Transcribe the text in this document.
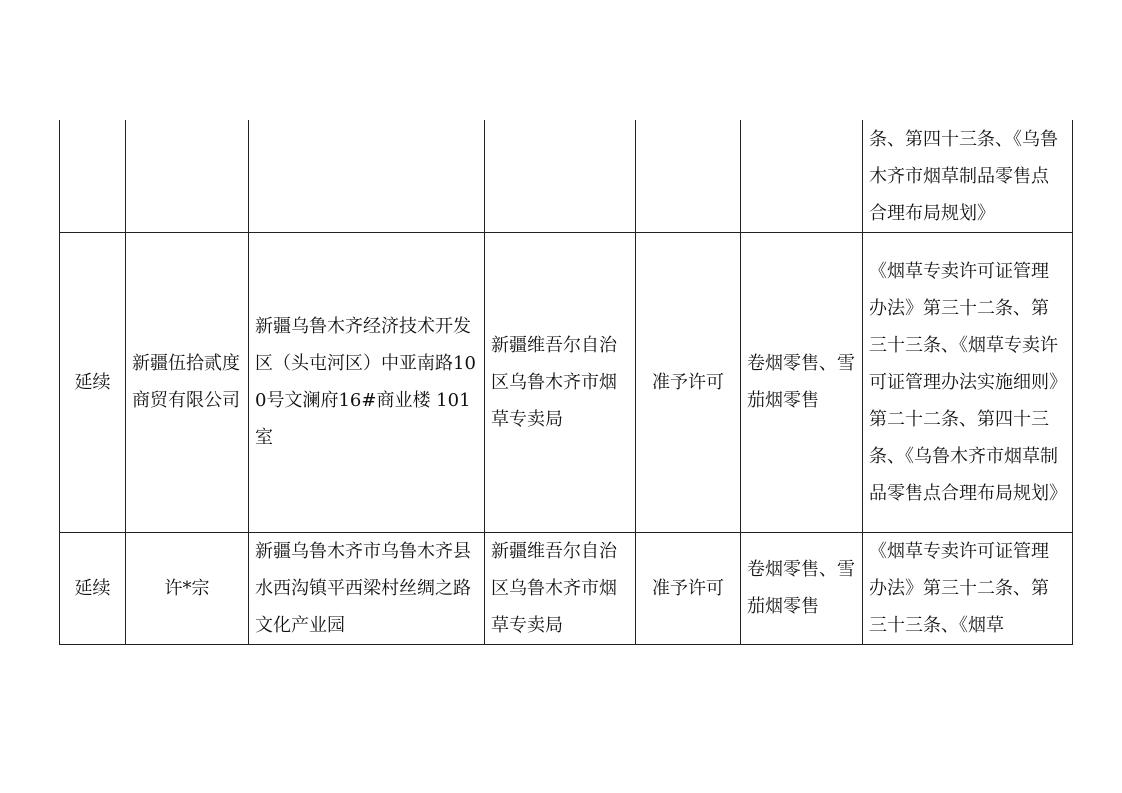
						条、第四十三条、《乌鲁木齐市烟草制品零售点合理布局规划》
延续	新疆伍拾贰度商贸有限公司	新疆乌鲁木齐经济技术开发区（头屯河区）中亚南路100号文澜府16#商业楼 101 室	新疆维吾尔自治区乌鲁木齐市烟草专卖局	准予许可	卷烟零售、雪茄烟零售	《烟草专卖许可证管理办法》第三十二条、第三十三条、《烟草专卖许可证管理办法实施细则》第二十二条、第四十三条、《乌鲁木齐市烟草制品零售点合理布局规划》
延续	许*宗	新疆乌鲁木齐市乌鲁木齐县水西沟镇平西梁村丝绸之路文化产业园	新疆维吾尔自治区乌鲁木齐市烟草专卖局	准予许可	卷烟零售、雪茄烟零售	《烟草专卖许可证管理办法》第三十二条、第三十三条、《烟草
